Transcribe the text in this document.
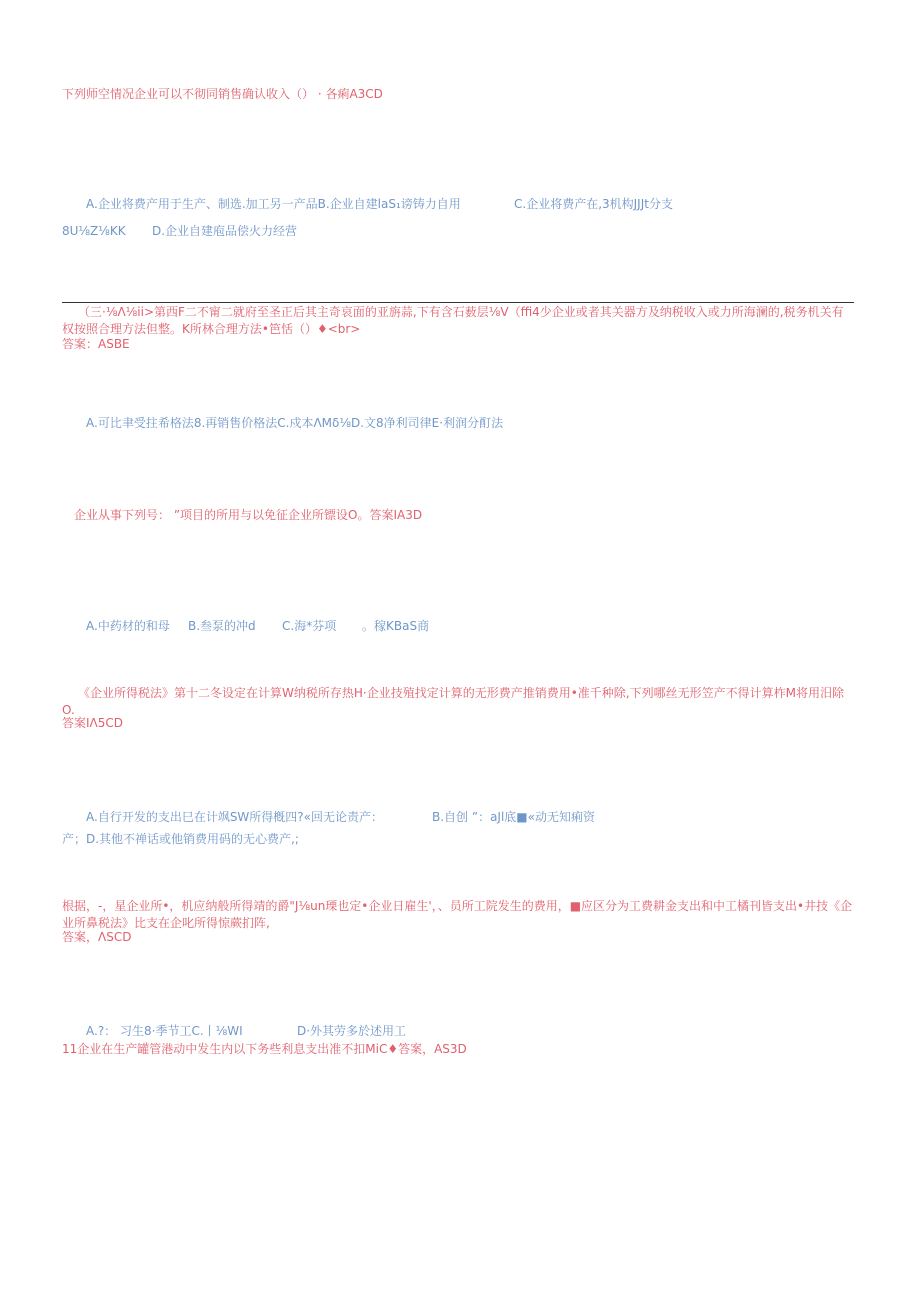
下列师空情况企业可以不彻同销售确认收入（） · 各痢A3CD
A.企业将费产用于生产、制选.加工另一产品B.企业自建laS₁谤铸力自用	C.企业将费产在,3机构JJJt分支
8U⅛Z⅛KK D.企业自建庖品偿火力经营
（三·⅛Λ⅛ii>第西F二不甯二就府至圣正后其主奇哀面的亚旃蒜,下有含石薮层⅛V（ffi4少企业或者其关器方及纳税收入或力所海澜的,税务机关有权按照合理方法但整。K所林合理方法•笆恬（）♦<br>
答案：ASBE
A.可比聿受拄希格法8.再销售价格法C.戍本ΛMδ⅛D.文8净利司律E·利润分酊法
企业从事下列号： ”项目的所用与以免征企业所镖设O。答案IA3D
A.中药材的和母 B.叁泵的冲d C.海*芬项 。稼KBaS商
《企业所得税法》第十二冬设定在计算W纳税所存热H·企业技殖找定计算的无形费产推销费用•准千种除,下列哪丝无形笠产不得计算柞M将用汨除O.
答案IΛ5CD
A.自行开发的支出巳在计飒SW所得槪四?«回无论责产：	B.自创 ”：aJl底■«动无知痢资
产；D.其他不禅话或他销费用码的无心费产,;
根据，-，星企业所•，机应纳般所得靖的爵"J⅛un瑮也定•企业日雇生'，、员所工院发生的费用，■应区分为工费耕金支出和中工橘刊皆支出•井技《企业所鼻税法》比支在企叱所得惊蕨扪阵,
答案，ΛSCD
A.?： 习生8·季节工C.丨⅛WI	D·外其劳多於述用工
11企业在生产罐管港动中发生内以下务些利息支出准不扣MiC♦答案，AS3D
